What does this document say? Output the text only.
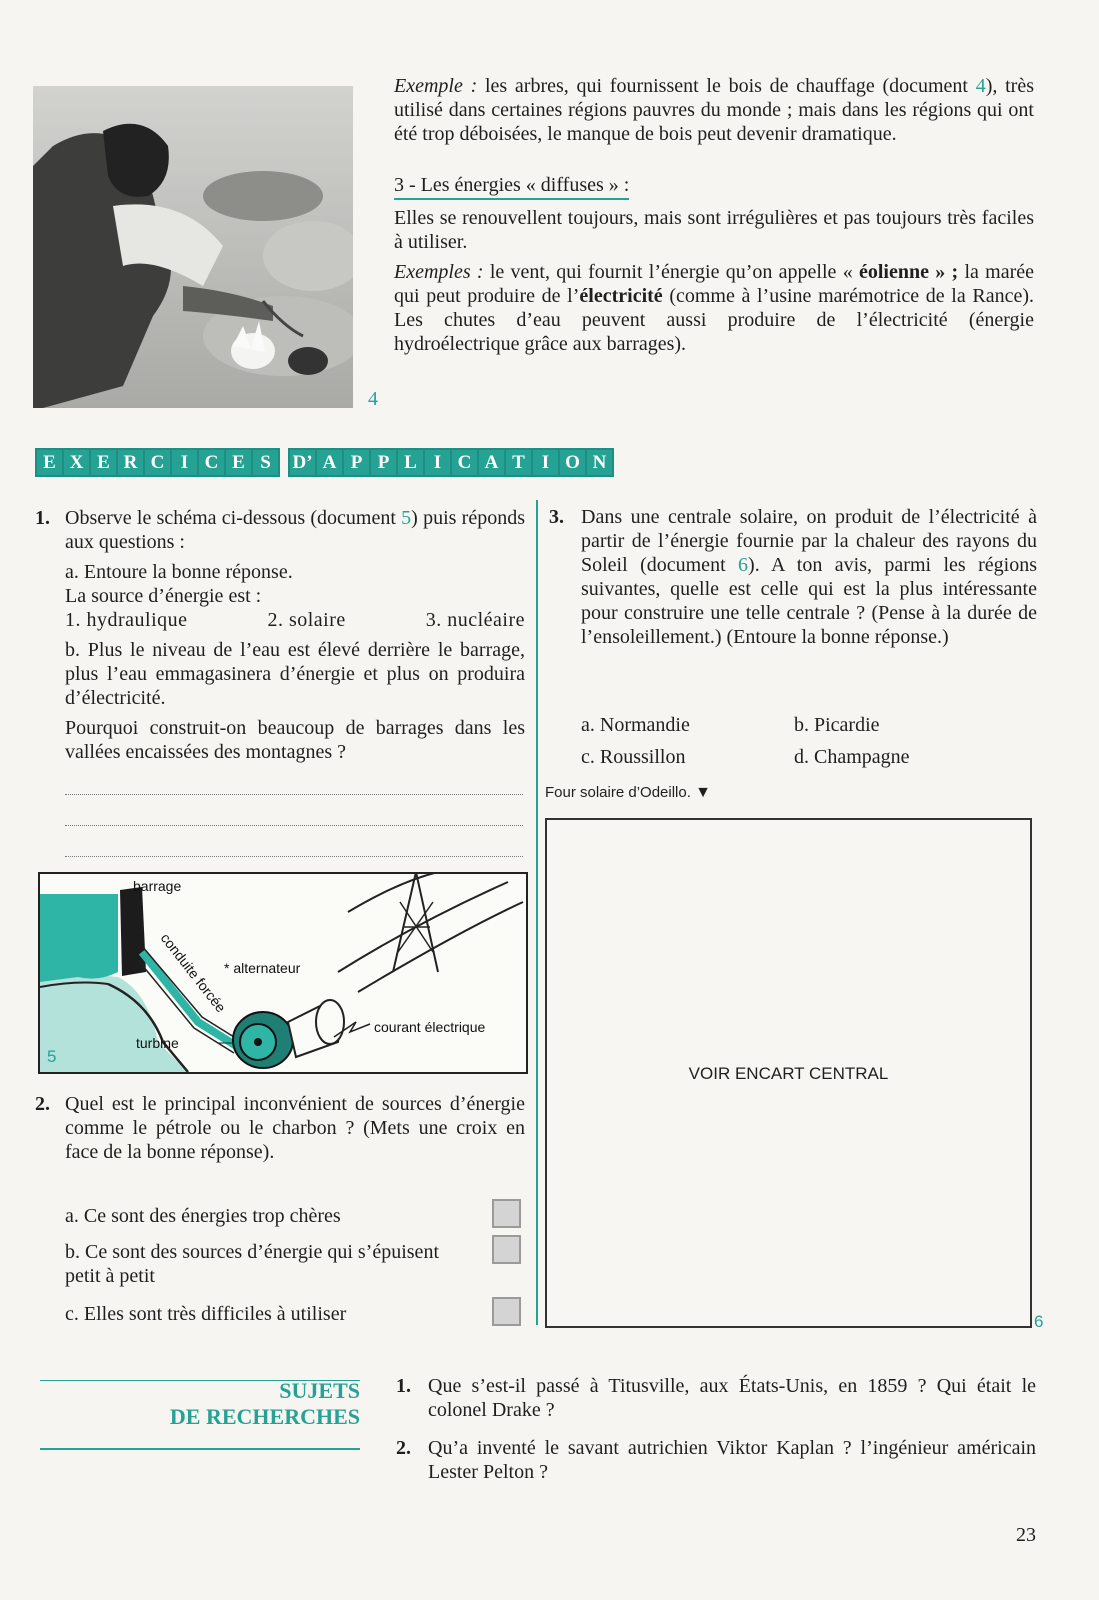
4

Exemple : les arbres, qui fournissent le bois de chauffage (document 4), très utilisé dans certaines régions pauvres du monde ; mais dans les régions qui ont été trop déboisées, le manque de bois peut devenir dramatique.

3 - Les énergies « diffuses » :

Elles se renouvellent toujours, mais sont irrégulières et pas toujours très faciles à utiliser.

Exemples : le vent, qui fournit l’énergie qu’on appelle « éolienne » ; la marée qui peut produire de l’électricité (comme à l’usine marémotrice de la Rance). Les chutes d’eau peuvent aussi produire de l’électricité (énergie hydroélectrique grâce aux barrages).

E X E R C I C E S	D’ A P P L I C A T I O N
1. Observe le schéma ci-dessous (document 5) puis réponds aux questions :

a. Entoure la bonne réponse.

La source d’énergie est :

1. hydraulique	2. solaire	3. nucléaire

b. Plus le niveau de l’eau est élevé derrière le barrage, plus l’eau emmagasinera d’énergie et plus on produira d’électricité.

Pourquoi construit-on beaucoup de barrages dans les vallées encaissées des montagnes ?

barrage
conduite forcée
* alternateur
turbine
courant électrique
5
2. Quel est le principal inconvénient de sources d’énergie comme le pétrole ou le charbon ? (Mets une croix en face de la bonne réponse).

a. Ce sont des énergies trop chères
b. Ce sont des sources d’énergie qui s’épuisent petit à petit
c. Elles sont très difficiles à utiliser
3. Dans une centrale solaire, on produit de l’électricité à partir de l’énergie fournie par la chaleur des rayons du Soleil (document 6). A ton avis, parmi les régions suivantes, quelle est celle qui est la plus intéressante pour construire une telle centrale ? (Pense à la durée de l’ensoleillement.) (Entoure la bonne réponse.)

a. Normandie	b. Picardie
c. Roussillon	d. Champagne
Four solaire d’Odeillo. ▼
VOIR ENCART CENTRAL
6
SUJETS
DE RECHERCHES
1. Que s’est-il passé à Titusville, aux États-Unis, en 1859 ? Qui était le colonel Drake ?

2. Qu’a inventé le savant autrichien Viktor Kaplan ? l’ingénieur américain Lester Pelton ?

23
